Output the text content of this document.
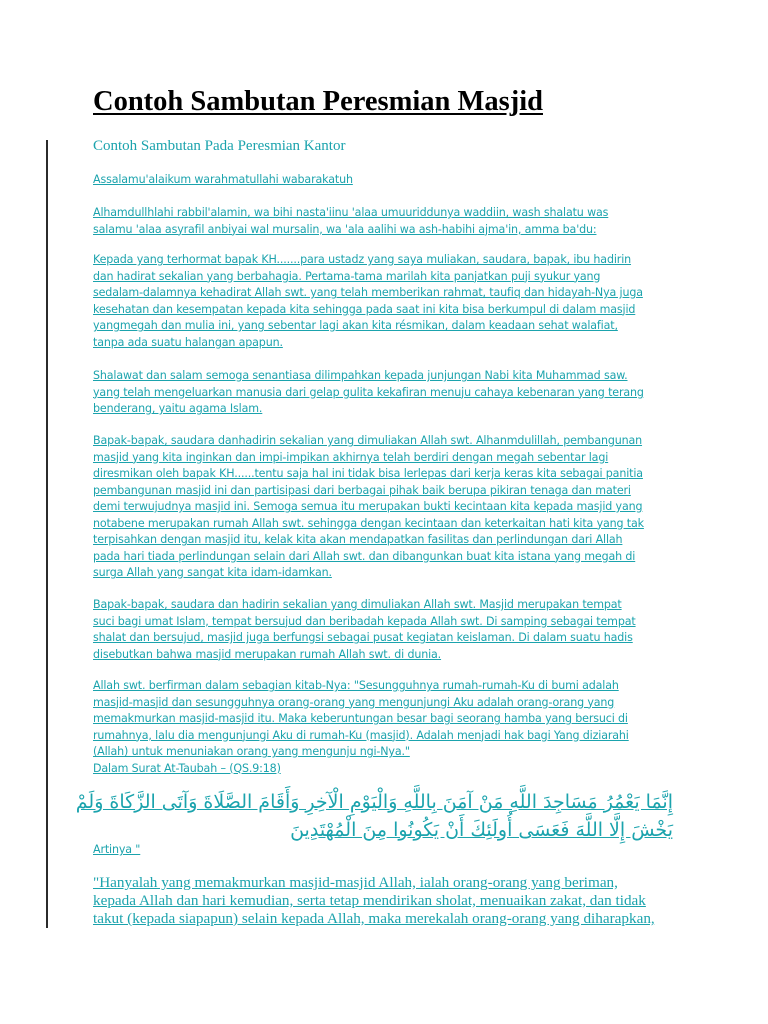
Contoh Sambutan Peresmian Masjid
Contoh Sambutan Pada Peresmian Kantor
Assalamu'alaikum warahmatullahi wabarakatuh
Alhamdullhlahi rabbil'alamin, wa bihi nasta'iinu 'alaa umuuriddunya waddiin, wash shalatu was
salamu 'alaa asyrafil anbiyai wal mursalin, wa 'ala aalihi wa ash-habihi ajma'in, amma ba'du:
Kepada yang terhormat bapak KH.......para ustadz yang saya muliakan, saudara, bapak, ibu hadirin
dan hadirat sekalian yang berbahagia. Pertama-tama marilah kita panjatkan puji syukur yang
sedalam-dalamnya kehadirat Allah swt. yang telah memberikan rahmat, taufiq dan hidayah-Nya juga
kesehatan dan kesempatan kepada kita sehingga pada saat ini kita bisa berkumpul di dalam masjid
yangmegah dan mulia ini, yang sebentar lagi akan kita résmikan, dalam keadaan sehat walafiat,
tanpa ada suatu halangan apapun.
Shalawat dan salam semoga senantiasa dilimpahkan kepada junjungan Nabi kita Muhammad saw.
yang telah mengeluarkan manusia dari gelap gulita kekafiran menuju cahaya kebenaran yang terang
benderang, yaitu agama Islam.
Bapak-bapak, saudara danhadirin sekalian yang dimuliakan Allah swt. Alhanmdulillah, pembangunan
masjid yang kita inginkan dan impi-impikan akhirnya telah berdiri dengan megah sebentar lagi
diresmikan oleh bapak KH......tentu saja hal ini tidak bisa lerlepas dari kerja keras kita sebagai panitia
pembangunan masjid ini dan partisipasi dari berbagai pihak baik berupa pikiran tenaga dan materi
demi terwujudnya masjid ini. Semoga semua itu merupakan bukti kecintaan kita kepada masjid yang
notabene merupakan rumah Allah swt. sehingga dengan kecintaan dan keterkaitan hati kita yang tak
terpisahkan dengan masjid itu, kelak kita akan mendapatkan fasilitas dan perlindungan dari Allah
pada hari tiada perlindungan selain dari Allah swt. dan dibangunkan buat kita istana yang megah di
surga Allah yang sangat kita idam-idamkan.
Bapak-bapak, saudara dan hadirin sekalian yang dimuliakan Allah swt. Masjid merupakan tempat
suci bagi umat Islam, tempat bersujud dan beribadah kepada Allah swt. Di samping sebagai tempat
shalat dan bersujud, masjid juga berfungsi sebagai pusat kegiatan keislaman. Di dalam suatu hadis
disebutkan bahwa masjid merupakan rumah Allah swt. di dunia.
Allah swt. berfirman dalam sebagian kitab-Nya: "Sesungguhnya rumah-rumah-Ku di bumi adalah
masjid-masjid dan sesungguhnya orang-orang yang mengunjungi Aku adalah orang-orang yang
memakmurkan masjid-masjid itu. Maka keberuntungan besar bagi seorang hamba yang bersuci di
rumahnya, lalu dia mengunjungi Aku di rumah-Ku (masjid). Adalah menjadi hak bagi Yang diziarahi
(Allah) untuk menuniakan orang yang mengunju ngi-Nya."
Dalam Surat At-Taubah – (QS.9:18)
إِنَّمَا يَعْمُرُ مَسَاجِدَ اللَّهِ مَنْ آمَنَ بِاللَّهِ وَالْيَوْمِ الْآخِرِ وَأَقَامَ الصَّلَاةَ وَآتَى الزَّكَاةَ وَلَمْ
يَخْشَ إِلَّا اللَّهَ فَعَسَى أُولَئِكَ أَنْ يَكُونُوا مِنَ الْمُهْتَدِينَ
Artinya "
"Hanyalah yang memakmurkan masjid-masjid Allah, ialah orang-orang yang beriman,
kepada Allah dan hari kemudian, serta tetap mendirikan sholat, menuaikan zakat, dan tidak
takut (kepada siapapun) selain kepada Allah, maka merekalah orang-orang yang diharapkan,
